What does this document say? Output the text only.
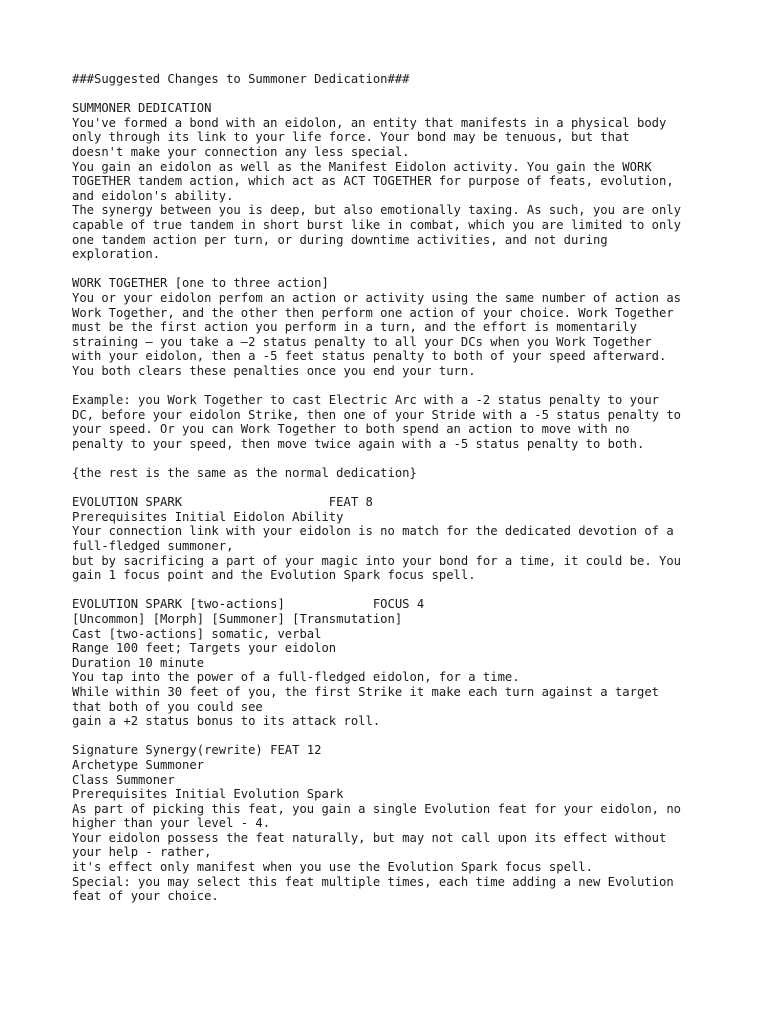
###Suggested Changes to Summoner Dedication###
SUMMONER DEDICATION
You've formed a bond with an eidolon, an entity that manifests in a physical body
only through its link to your life force. Your bond may be tenuous, but that
doesn't make your connection any less special.
You gain an eidolon as well as the Manifest Eidolon activity. You gain the WORK
TOGETHER tandem action, which act as ACT TOGETHER for purpose of feats, evolution,
and eidolon's ability.
The synergy between you is deep, but also emotionally taxing. As such, you are only
capable of true tandem in short burst like in combat, which you are limited to only
one tandem action per turn, or during downtime activities, and not during
exploration.
WORK TOGETHER [one to three action]
You or your eidolon perfom an action or activity using the same number of action as
Work Together, and the other then perform one action of your choice. Work Together
must be the first action you perform in a turn, and the effort is momentarily
straining — you take a –2 status penalty to all your DCs when you Work Together
with your eidolon, then a -5 feet status penalty to both of your speed afterward.
You both clears these penalties once you end your turn.
Example: you Work Together to cast Electric Arc with a -2 status penalty to your
DC, before your eidolon Strike, then one of your Stride with a -5 status penalty to
your speed. Or you can Work Together to both spend an action to move with no
penalty to your speed, then move twice again with a -5 status penalty to both.
{the rest is the same as the normal dedication}
EVOLUTION SPARK                    FEAT 8
Prerequisites Initial Eidolon Ability
Your connection link with your eidolon is no match for the dedicated devotion of a
full-fledged summoner,
but by sacrificing a part of your magic into your bond for a time, it could be. You
gain 1 focus point and the Evolution Spark focus spell.
EVOLUTION SPARK [two-actions]            FOCUS 4
[Uncommon] [Morph] [Summoner] [Transmutation]
Cast [two-actions] somatic, verbal
Range 100 feet; Targets your eidolon
Duration 10 minute
You tap into the power of a full-fledged eidolon, for a time.
While within 30 feet of you, the first Strike it make each turn against a target
that both of you could see
gain a +2 status bonus to its attack roll.
Signature Synergy(rewrite) FEAT 12
Archetype Summoner
Class Summoner
Prerequisites Initial Evolution Spark
As part of picking this feat, you gain a single Evolution feat for your eidolon, no
higher than your level - 4.
Your eidolon possess the feat naturally, but may not call upon its effect without
your help - rather,
it's effect only manifest when you use the Evolution Spark focus spell.
Special: you may select this feat multiple times, each time adding a new Evolution
feat of your choice.
